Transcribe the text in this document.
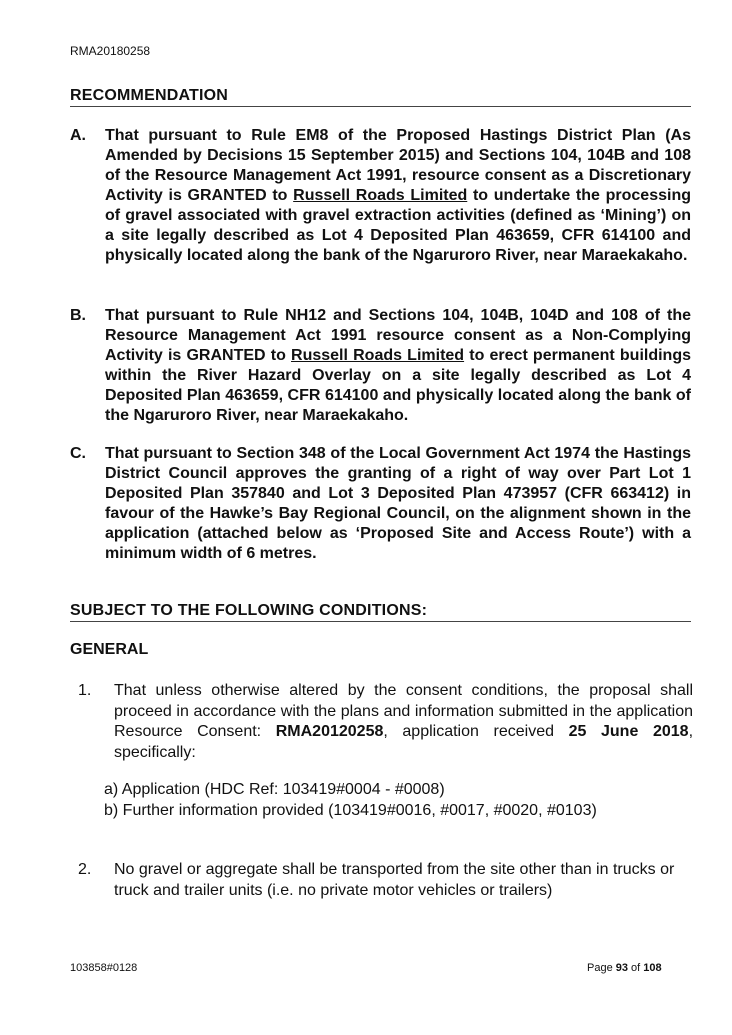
RMA20180258
RECOMMENDATION
A. That pursuant to Rule EM8 of the Proposed Hastings District Plan (As Amended by Decisions 15 September 2015) and Sections 104, 104B and 108 of the Resource Management Act 1991, resource consent as a Discretionary Activity is GRANTED to Russell Roads Limited to undertake the processing of gravel associated with gravel extraction activities (defined as ‘Mining’) on a site legally described as Lot 4 Deposited Plan 463659, CFR 614100 and physically located along the bank of the Ngaruroro River, near Maraekakaho.
B. That pursuant to Rule NH12 and Sections 104, 104B, 104D and 108 of the Resource Management Act 1991 resource consent as a Non-Complying Activity is GRANTED to Russell Roads Limited to erect permanent buildings within the River Hazard Overlay on a site legally described as Lot 4 Deposited Plan 463659, CFR 614100 and physically located along the bank of the Ngaruroro River, near Maraekakaho.
C. That pursuant to Section 348 of the Local Government Act 1974 the Hastings District Council approves the granting of a right of way over Part Lot 1 Deposited Plan 357840 and Lot 3 Deposited Plan 473957 (CFR 663412) in favour of the Hawke’s Bay Regional Council, on the alignment shown in the application (attached below as ‘Proposed Site and Access Route’) with a minimum width of 6 metres.
SUBJECT TO THE FOLLOWING CONDITIONS:
GENERAL
1. That unless otherwise altered by the consent conditions, the proposal shall proceed in accordance with the plans and information submitted in the application Resource Consent: RMA20120258, application received 25 June 2018, specifically:
a) Application (HDC Ref: 103419#0004 - #0008)
b) Further information provided (103419#0016, #0017, #0020, #0103)
2. No gravel or aggregate shall be transported from the site other than in trucks or truck and trailer units (i.e. no private motor vehicles or trailers)
103858#0128	Page 93 of 108
